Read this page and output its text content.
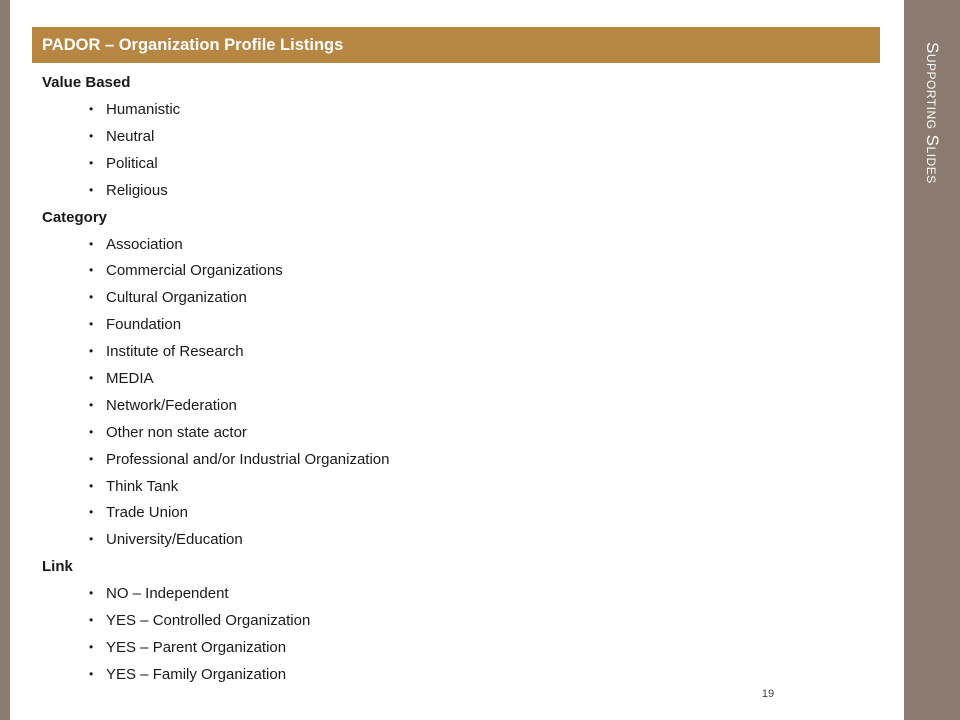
Supporting Slides
PADOR – Organization Profile Listings
Value Based
• Humanistic
• Neutral
• Political
• Religious
Category
• Association
• Commercial Organizations
• Cultural Organization
• Foundation
• Institute of Research
• MEDIA
• Network/Federation
• Other non state actor
• Professional and/or Industrial Organization
• Think Tank
• Trade Union
• University/Education
Link
• NO – Independent
• YES – Controlled Organization
• YES – Parent Organization
• YES – Family Organization
19
